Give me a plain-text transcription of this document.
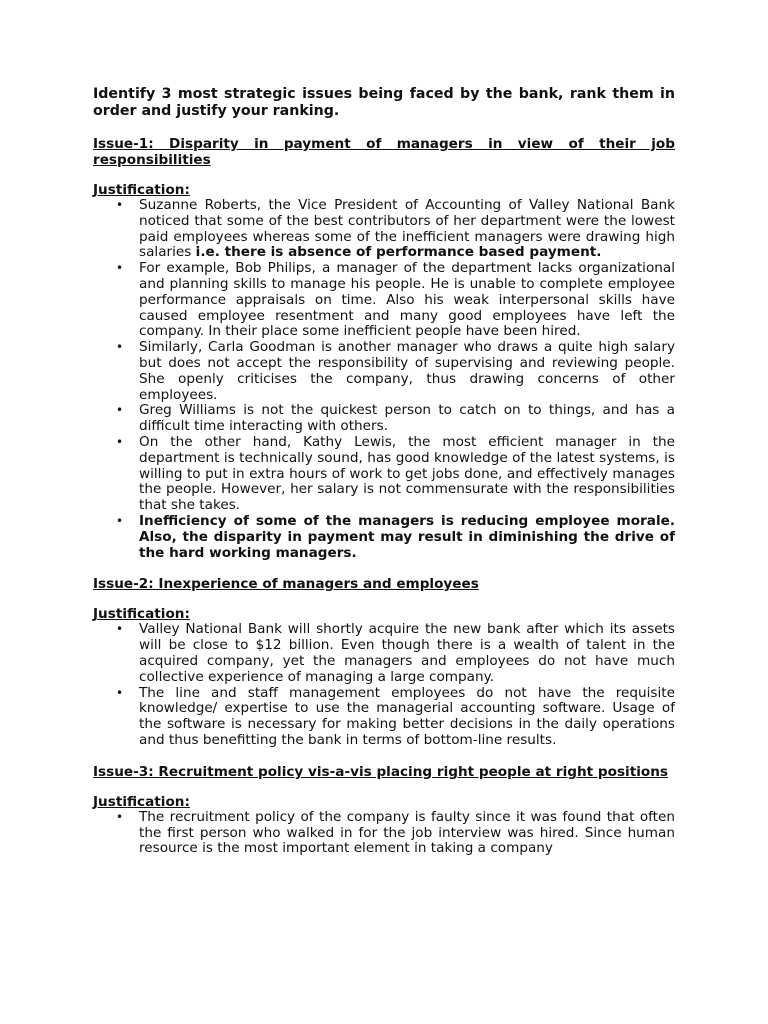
Identify 3 most strategic issues being faced by the bank, rank them in order and justify your ranking.

Issue-1: Disparity in payment of managers in view of their job responsibilities

Justification:

• Suzanne Roberts, the Vice President of Accounting of Valley National Bank noticed that some of the best contributors of her department were the lowest paid employees whereas some of the inefficient managers were drawing high salaries i.e. there is absence of performance based payment.
• For example, Bob Philips, a manager of the department lacks organizational and planning skills to manage his people. He is unable to complete employee performance appraisals on time. Also his weak interpersonal skills have caused employee resentment and many good employees have left the company. In their place some inefficient people have been hired.
• Similarly, Carla Goodman is another manager who draws a quite high salary but does not accept the responsibility of supervising and reviewing people. She openly criticises the company, thus drawing concerns of other employees.
• Greg Williams is not the quickest person to catch on to things, and has a difficult time interacting with others.
• On the other hand, Kathy Lewis, the most efficient manager in the department is technically sound, has good knowledge of the latest systems, is willing to put in extra hours of work to get jobs done, and effectively manages the people. However, her salary is not commensurate with the responsibilities that she takes.
• Inefficiency of some of the managers is reducing employee morale. Also, the disparity in payment may result in diminishing the drive of the hard working managers.

Issue-2: Inexperience of managers and employees

Justification:

• Valley National Bank will shortly acquire the new bank after which its assets will be close to $12 billion. Even though there is a wealth of talent in the acquired company, yet the managers and employees do not have much collective experience of managing a large company.
• The line and staff management employees do not have the requisite knowledge/ expertise to use the managerial accounting software. Usage of the software is necessary for making better decisions in the daily operations and thus benefitting the bank in terms of bottom-line results.

Issue-3: Recruitment policy vis-a-vis placing right people at right positions

Justification:

• The recruitment policy of the company is faulty since it was found that often the first person who walked in for the job interview was hired. Since human resource is the most important element in taking a company
